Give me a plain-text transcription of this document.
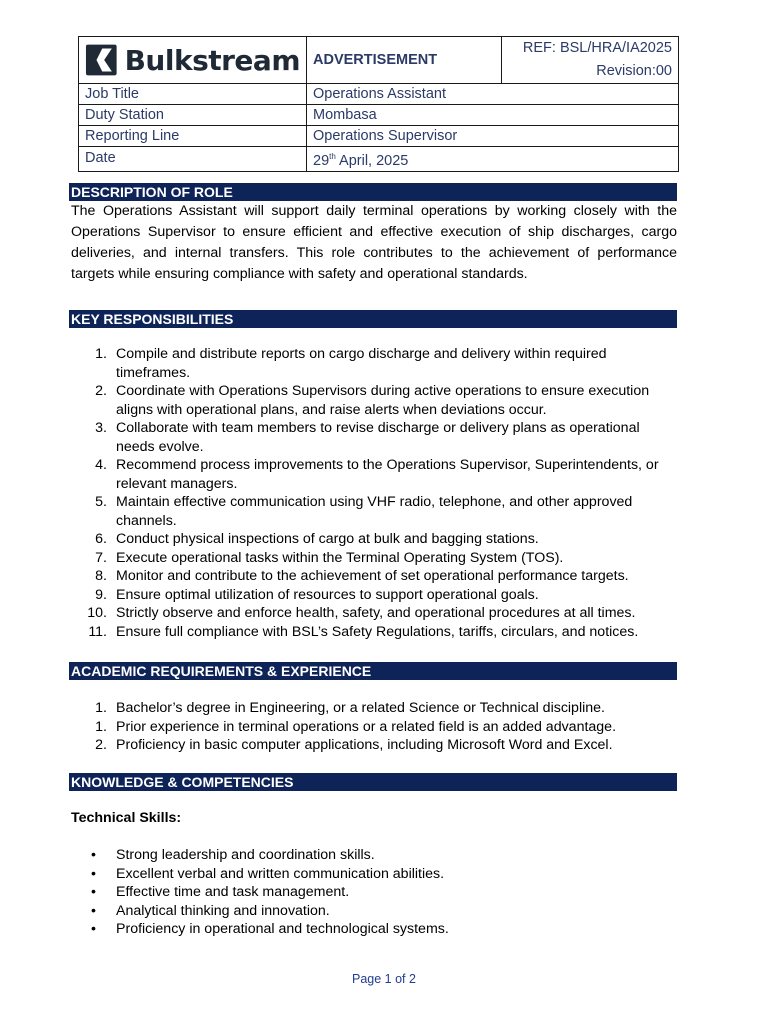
Bulkstream	ADVERTISEMENT	REF: BSL/HRA/IA2025
Revision:00

Job Title	Operations Assistant	
Duty Station	Mombasa	
Reporting Line	Operations Supervisor	
Date	29th April, 2025	
DESCRIPTION OF ROLE

The Operations Assistant will support daily terminal operations by working closely with the Operations Supervisor to ensure efficient and effective execution of ship discharges, cargo deliveries, and internal transfers. This role contributes to the achievement of performance targets while ensuring compliance with safety and operational standards.

KEY RESPONSIBILITIES
1. Compile and distribute reports on cargo discharge and delivery within required timeframes.
2. Coordinate with Operations Supervisors during active operations to ensure execution aligns with operational plans, and raise alerts when deviations occur.
3. Collaborate with team members to revise discharge or delivery plans as operational needs evolve.
4. Recommend process improvements to the Operations Supervisor, Superintendents, or relevant managers.
5. Maintain effective communication using VHF radio, telephone, and other approved channels.
6. Conduct physical inspections of cargo at bulk and bagging stations.
7. Execute operational tasks within the Terminal Operating System (TOS).
8. Monitor and contribute to the achievement of set operational performance targets.
9. Ensure optimal utilization of resources to support operational goals.
10. Strictly observe and enforce health, safety, and operational procedures at all times.
11. Ensure full compliance with BSL’s Safety Regulations, tariffs, circulars, and notices.
ACADEMIC REQUIREMENTS & EXPERIENCE
1. Bachelor’s degree in Engineering, or a related Science or Technical discipline.
1. Prior experience in terminal operations or a related field is an added advantage.
2. Proficiency in basic computer applications, including Microsoft Word and Excel.
KNOWLEDGE & COMPETENCIES
Technical Skills:
• Strong leadership and coordination skills.
• Excellent verbal and written communication abilities.
• Effective time and task management.
• Analytical thinking and innovation.
• Proficiency in operational and technological systems.
Page 1 of 2
